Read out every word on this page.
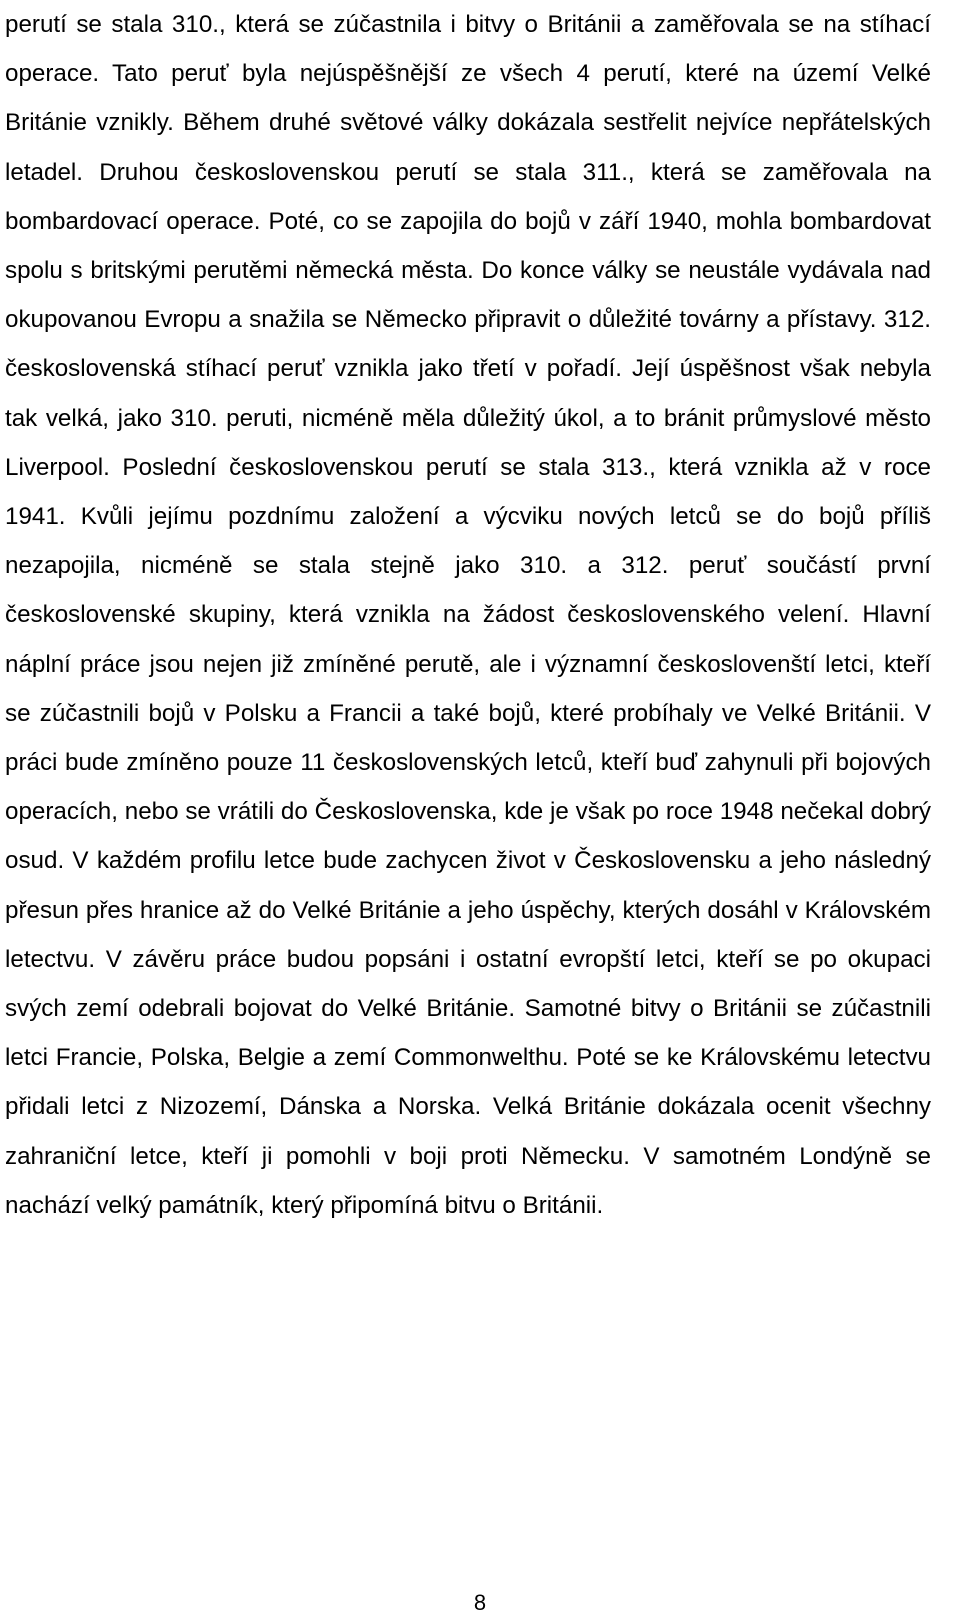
perutí se stala 310., která se zúčastnila i bitvy o Británii a zaměřovala se na stíhací operace. Tato peruť byla nejúspěšnější ze všech 4 perutí, které na území Velké Británie vznikly. Během druhé světové války dokázala sestřelit nejvíce nepřátelských letadel. Druhou československou perutí se stala 311., která se zaměřovala na bombardovací operace. Poté, co se zapojila do bojů v září 1940, mohla bombardovat spolu s britskými perutěmi německá města. Do konce války se neustále vydávala nad okupovanou Evropu a snažila se Německo připravit o důležité továrny a přístavy. 312. československá stíhací peruť vznikla jako třetí v pořadí. Její úspěšnost však nebyla tak velká, jako 310. peruti, nicméně měla důležitý úkol, a to bránit průmyslové město Liverpool. Poslední československou perutí se stala 313., která vznikla až v roce 1941. Kvůli jejímu pozdnímu založení a výcviku nových letců se do bojů příliš nezapojila, nicméně se stala stejně jako 310. a 312. peruť součástí první československé skupiny, která vznikla na žádost československého velení. Hlavní náplní práce jsou nejen již zmíněné perutě, ale i významní českoslovenští letci, kteří se zúčastnili bojů v Polsku a Francii a také bojů, které probíhaly ve Velké Británii. V práci bude zmíněno pouze 11 československých letců, kteří buď zahynuli při bojových operacích, nebo se vrátili do Československa, kde je však po roce 1948 nečekal dobrý osud. V každém profilu letce bude zachycen život v Československu a jeho následný přesun přes hranice až do Velké Británie a jeho úspěchy, kterých dosáhl v Královském letectvu. V závěru práce budou popsáni i ostatní evropští letci, kteří se po okupaci svých zemí odebrali bojovat do Velké Británie. Samotné bitvy o Británii se zúčastnili letci Francie, Polska, Belgie a zemí Commonwelthu. Poté se ke Královskému letectvu přidali letci z Nizozemí, Dánska a Norska. Velká Británie dokázala ocenit všechny zahraniční letce, kteří ji pomohli v boji proti Německu. V samotném Londýně se nachází velký památník, který připomíná bitvu o Británii.

8
